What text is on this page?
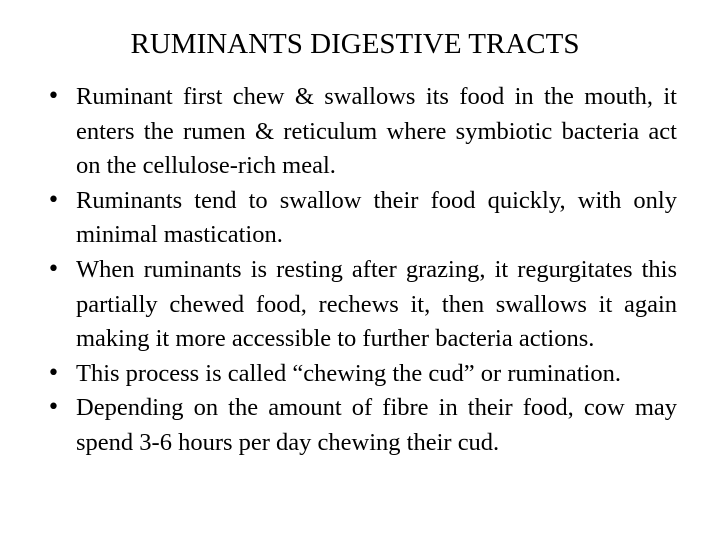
RUMINANTS DIGESTIVE TRACTS
• Ruminant first chew & swallows its food in the mouth, it enters the rumen & reticulum where symbiotic bacteria act on the cellulose-rich meal.
• Ruminants tend to swallow their food quickly, with only minimal mastication.
• When ruminants is resting after grazing, it regurgitates this partially chewed food, rechews it, then swallows it again making it more accessible to further bacteria actions.
• This process is called “chewing the cud” or rumination.
• Depending on the amount of fibre in their food, cow may spend 3-6 hours per day chewing their cud.
